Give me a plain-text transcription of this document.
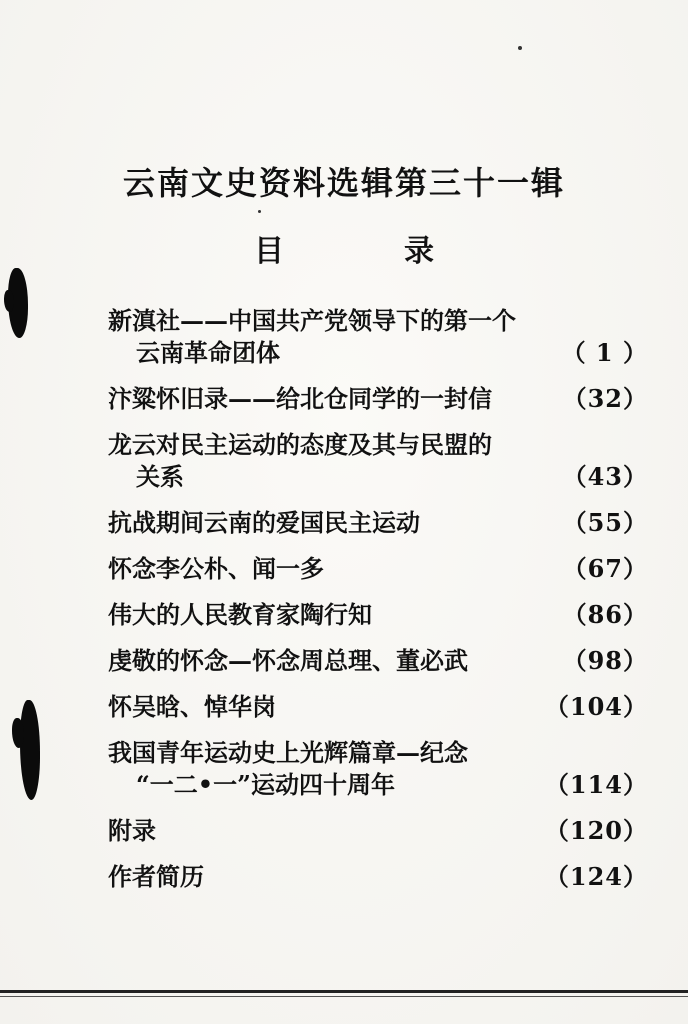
云南文史资料选辑第三十一辑
目	录
新滇社——中国共产党领导下的第一个
云南革命团体	（ 1 ）
汴粱怀旧录——给北仓同学的一封信	（32）
龙云对民主运动的态度及其与民盟的
关系	（43）
抗战期间云南的爱国民主运动	（55）
怀念李公朴、闻一多	（67）
伟大的人民教育家陶行知	（86）
虔敬的怀念—怀念周总理、董必武	（98）
怀吴晗、悼华岗	（104）
我国青年运动史上光辉篇章—纪念
“一二•一”运动四十周年	（114）
附录	（120）
作者简历	（124）
